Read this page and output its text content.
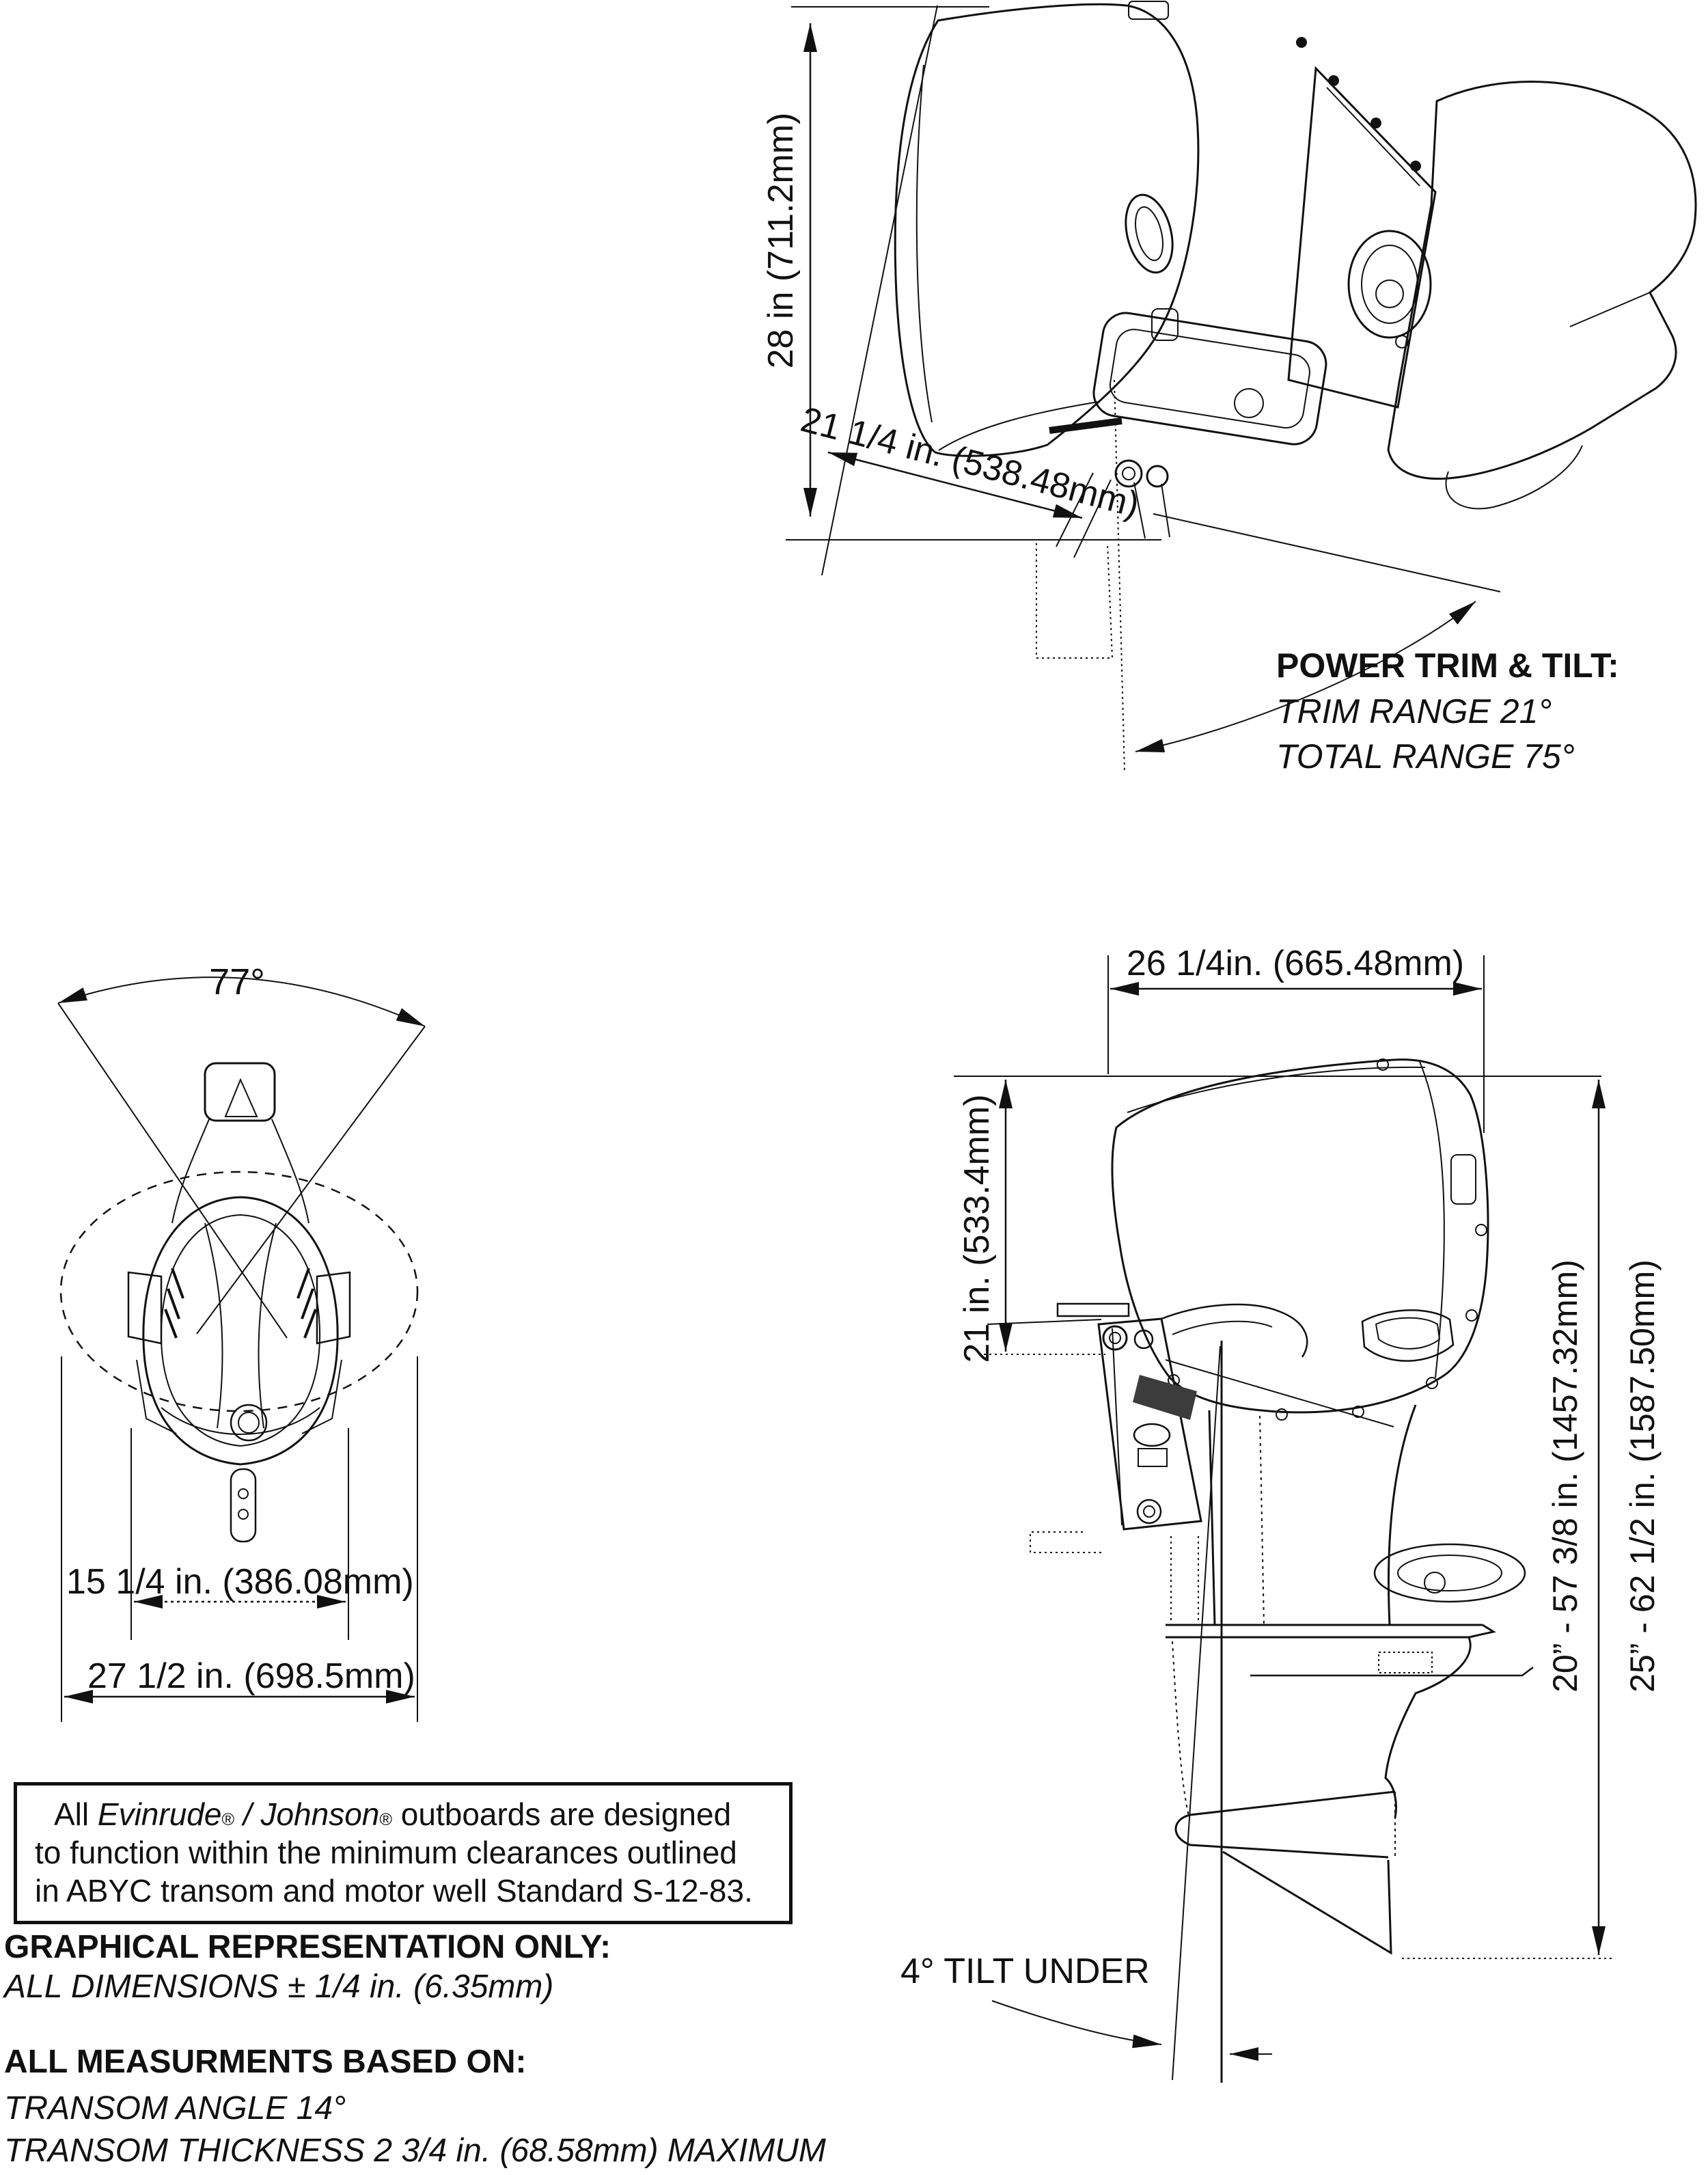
28 in (711.2mm)
21 1/4 in. (538.48mm)
POWER TRIM & TILT:
TRIM RANGE 21°
TOTAL RANGE 75°
77°
15 1/4 in. (386.08mm)
27 1/2 in. (698.5mm)
26 1/4in. (665.48mm)
21 in. (533.4mm)
20” - 57 3/8 in. (1457.32mm) 25” - 62 1/2 in. (1587.50mm)
4° TILT UNDER
All Evinrude® / Johnson® outboards are designed
to function within the minimum clearances outlined
in ABYC transom and motor well Standard S-12-83.
GRAPHICAL REPRESENTATION ONLY:
ALL DIMENSIONS ± 1/4 in. (6.35mm)
ALL MEASURMENTS BASED ON:
TRANSOM ANGLE 14°
TRANSOM THICKNESS 2 3/4 in. (68.58mm) MAXIMUM
